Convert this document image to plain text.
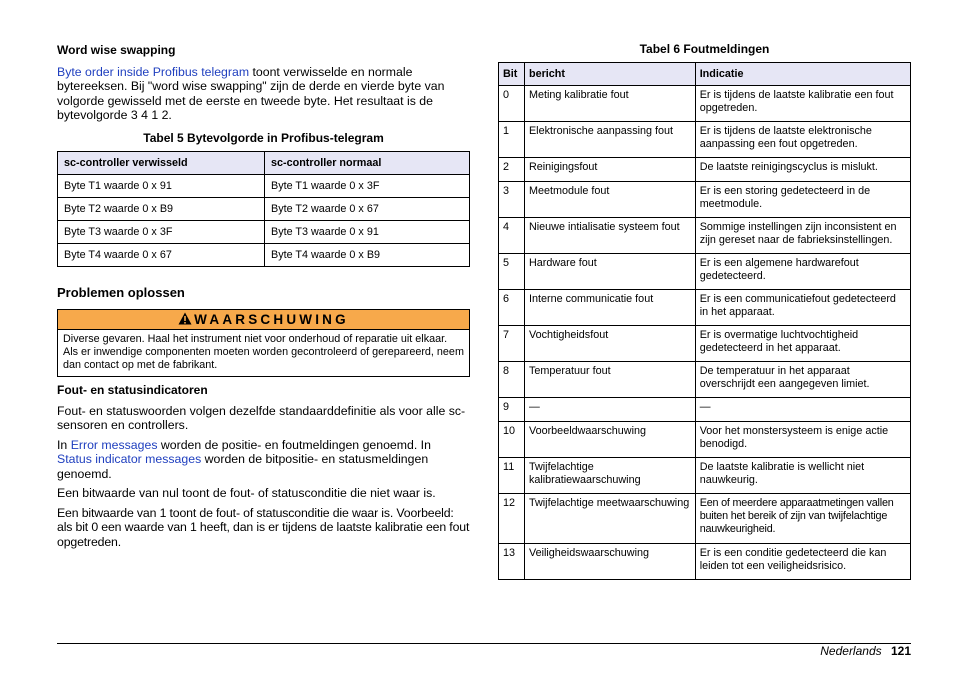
Word wise swapping

Byte order inside Profibus telegram toont verwisselde en normale bytereeksen. Bij "word wise swapping" zijn de derde en vierde byte van volgorde gewisseld met de eerste en tweede byte. Het resultaat is de bytevolgorde 3 4 1 2.

Tabel 5 Bytevolgorde in Profibus-telegram
sc-controller verwisseld	sc-controller normaal
Byte T1 waarde 0 x 91	Byte T1 waarde 0 x 3F
Byte T2 waarde 0 x B9	Byte T2 waarde 0 x 67
Byte T3 waarde 0 x 3F	Byte T3 waarde 0 x 91
Byte T4 waarde 0 x 67	Byte T4 waarde 0 x B9
Problemen oplossen
WAARSCHUWING
Diverse gevaren. Haal het instrument niet voor onderhoud of reparatie uit elkaar. Als er inwendige componenten moeten worden gecontroleerd of gerepareerd, neem dan contact op met de fabrikant.
Fout- en statusindicatoren

Fout- en statuswoorden volgen dezelfde standaarddefinitie als voor alle sc-sensoren en controllers.

In Error messages worden de positie- en foutmeldingen genoemd. In Status indicator messages worden de bitpositie- en statusmeldingen genoemd.

Een bitwaarde van nul toont de fout- of statusconditie die niet waar is.

Een bitwaarde van 1 toont de fout- of statusconditie die waar is. Voorbeeld: als bit 0 een waarde van 1 heeft, dan is er tijdens de laatste kalibratie een fout opgetreden.

Tabel 6 Foutmeldingen
Bit	bericht	Indicatie
0	Meting kalibratie fout	Er is tijdens de laatste kalibratie een fout opgetreden.
1	Elektronische aanpassing fout	Er is tijdens de laatste elektronische aanpassing een fout opgetreden.
2	Reinigingsfout	De laatste reinigingscyclus is mislukt.
3	Meetmodule fout	Er is een storing gedetecteerd in de meetmodule.
4	Nieuwe intialisatie systeem fout	Sommige instellingen zijn inconsistent en zijn gereset naar de fabrieksinstellingen.
5	Hardware fout	Er is een algemene hardwarefout gedetecteerd.
6	Interne communicatie fout	Er is een communicatiefout gedetecteerd in het apparaat.
7	Vochtigheidsfout	Er is overmatige luchtvochtigheid gedetecteerd in het apparaat.
8	Temperatuur fout	De temperatuur in het apparaat overschrijdt een aangegeven limiet.
9	—	—
10	Voorbeeldwaarschuwing	Voor het monstersysteem is enige actie benodigd.
11	Twijfelachtige kalibratiewaarschuwing	De laatste kalibratie is wellicht niet nauwkeurig.
12	Twijfelachtige meetwaarschuwing	Een of meerdere apparaatmetingen vallen buiten het bereik of zijn van twijfelachtige nauwkeurigheid.
13	Veiligheidswaarschuwing	Er is een conditie gedetecteerd die kan leiden tot een veiligheidsrisico.
Nederlands 121
